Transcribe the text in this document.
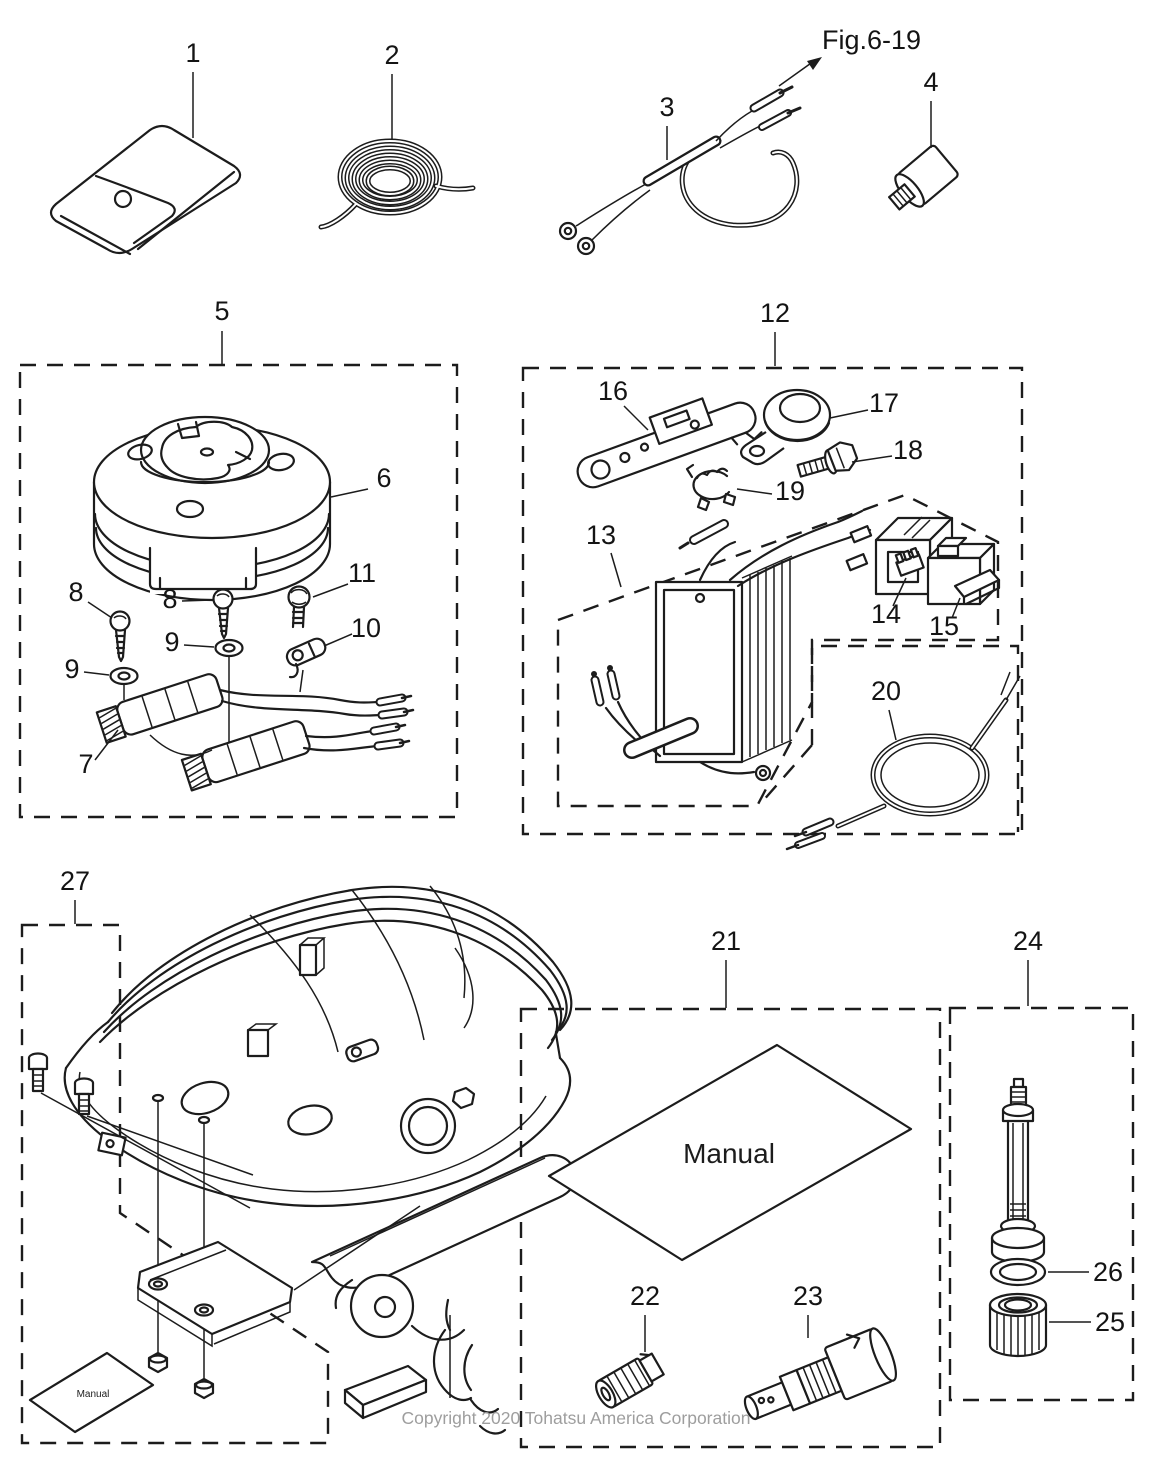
Manual
Manual
1	2
3
Fig.6-19
4
5
6
7
8	8
9
9	10
11
12
16	17
18
19
13
14 15
20
21
22	23
24
25
26
27
Copyright 2020 Tohatsu America Corporation
